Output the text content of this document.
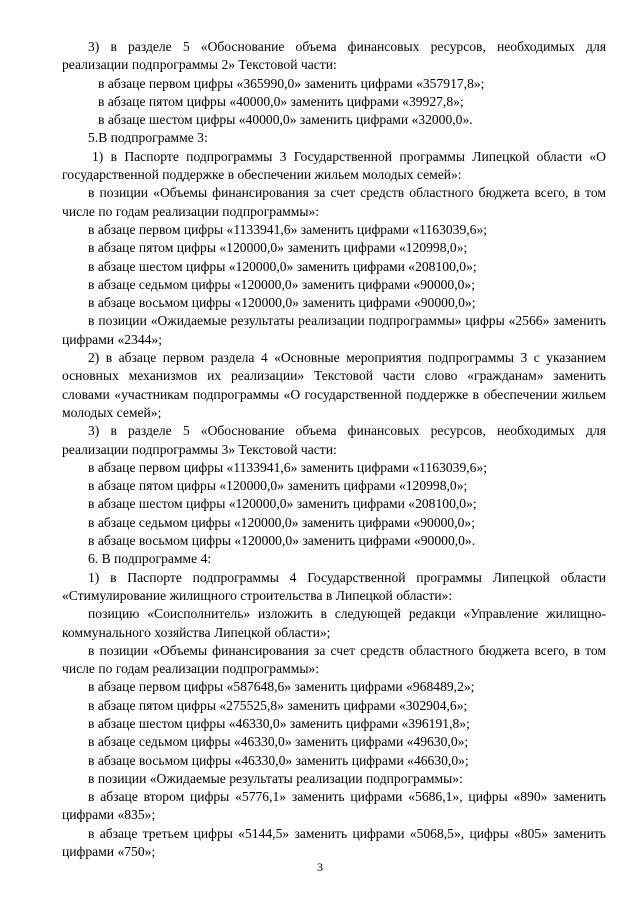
3) в разделе 5 «Обоснование объема финансовых ресурсов, необходимых для реализации подпрограммы 2» Текстовой части:

в абзаце первом цифры «365990,0» заменить цифрами «357917,8»;

в абзаце пятом цифры «40000,0» заменить цифрами «39927,8»;

в абзаце шестом цифры «40000,0» заменить цифрами «32000,0».

5.В подпрограмме 3:

1) в Паспорте подпрограммы 3 Государственной программы Липецкой области «О государственной поддержке в обеспечении жильем молодых семей»:

в позиции «Объемы финансирования за счет средств областного бюджета всего, в том числе по годам реализации подпрограммы»:

в абзаце первом цифры «1133941,6» заменить цифрами «1163039,6»;

в абзаце пятом цифры «120000,0» заменить цифрами «120998,0»;

в абзаце шестом цифры «120000,0» заменить цифрами «208100,0»;

в абзаце седьмом цифры «120000,0» заменить цифрами «90000,0»;

в абзаце восьмом цифры «120000,0» заменить цифрами «90000,0»;

в позиции «Ожидаемые результаты реализации подпрограммы» цифры «2566» заменить цифрами «2344»;

2) в абзаце первом раздела 4 «Основные мероприятия подпрограммы 3 с указанием основных механизмов их реализации» Текстовой части слово «гражданам» заменить словами «участникам подпрограммы «О государственной поддержке в обеспечении жильем молодых семей»;

3) в разделе 5 «Обоснование объема финансовых ресурсов, необходимых для реализации подпрограммы 3» Текстовой части:

в абзаце первом цифры «1133941,6» заменить цифрами «1163039,6»;

в абзаце пятом цифры «120000,0» заменить цифрами «120998,0»;

в абзаце шестом цифры «120000,0» заменить цифрами «208100,0»;

в абзаце седьмом цифры «120000,0» заменить цифрами «90000,0»;

в абзаце восьмом цифры «120000,0» заменить цифрами «90000,0».

6. В подпрограмме 4:

1) в Паспорте подпрограммы 4 Государственной программы Липецкой области «Стимулирование жилищного строительства в Липецкой области»:

позицию «Соисполнитель» изложить в следующей редакци «Управление жилищно-коммунального хозяйства Липецкой области»;

в позиции «Объемы финансирования за счет средств областного бюджета всего, в том числе по годам реализации подпрограммы»:

в абзаце первом цифры «587648,6» заменить цифрами «968489,2»;

в абзаце пятом цифры «275525,8» заменить цифрами «302904,6»;

в абзаце шестом цифры «46330,0» заменить цифрами «396191,8»;

в абзаце седьмом цифры «46330,0» заменить цифрами «49630,0»;

в абзаце восьмом цифры «46330,0» заменить цифрами «46630,0»;

в позиции «Ожидаемые результаты реализации подпрограммы»:

в абзаце втором цифры «5776,1» заменить цифрами «5686,1», цифры «890» заменить цифрами «835»;

в абзаце третьем цифры «5144,5» заменить цифрами «5068,5», цифры «805» заменить цифрами «750»;

3
